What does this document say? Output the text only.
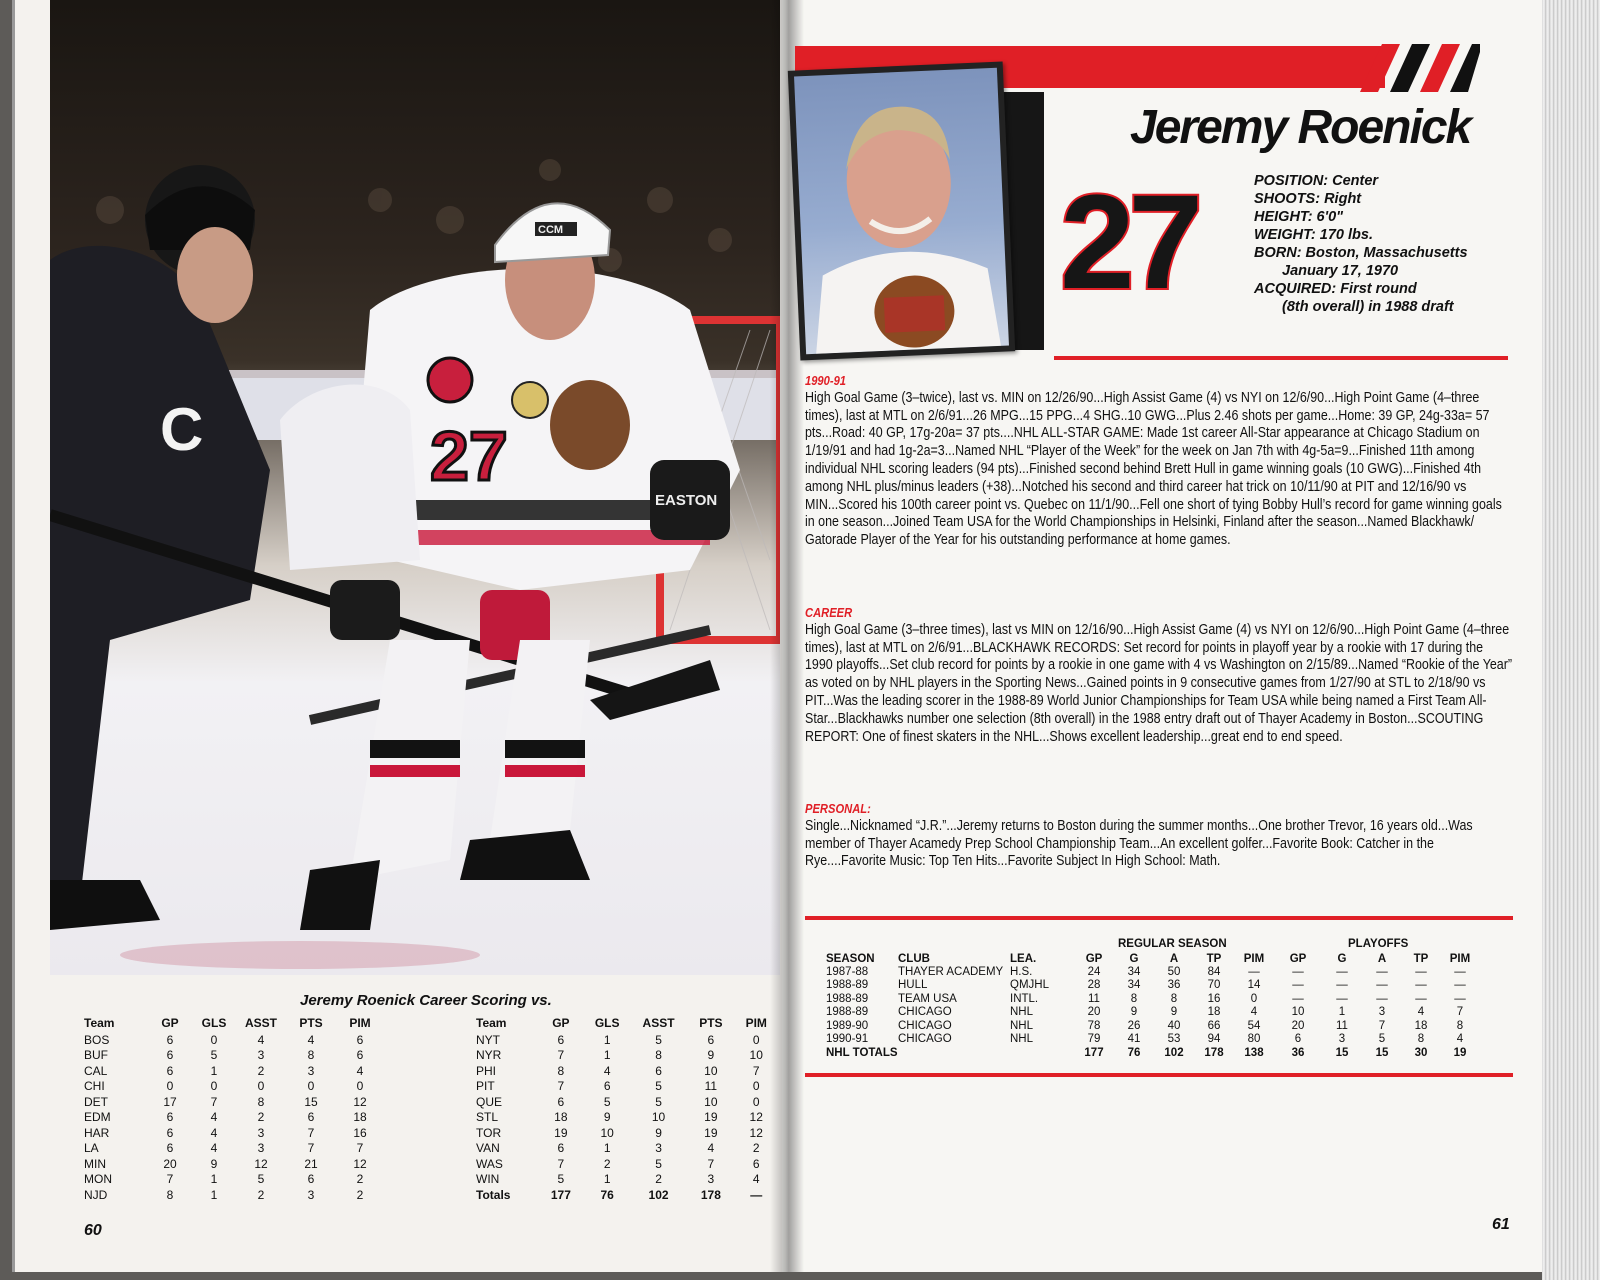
C	27
CCM
EASTON
Jeremy Roenick Career Scoring vs.
Team	GP	GLS	ASST	PTS	PIM
BOS	6	0	4	4	6
BUF	6	5	3	8	6
CAL	6	1	2	3	4
CHI	0	0	0	0	0
DET	17	7	8	15	12
EDM	6	4	2	6	18
HAR	6	4	3	7	16
LA	6	4	3	7	7
MIN	20	9	12	21	12
MON	7	1	5	6	2
NJD	8	1	2	3	2
Team	GP	GLS	ASST	PTS	PIM
NYT	6	1	5	6	0
NYR	7	1	8	9	10
PHI	8	4	6	10	7
PIT	7	6	5	11	0
QUE	6	5	5	10	0
STL	18	9	10	19	12
TOR	19	10	9	19	12
VAN	6	1	3	4	2
WAS	7	2	5	7	6
WIN	5	1	2	3	4
Totals	177	76	102	178	—
60
Jeremy Roenick
27	POSITION: Center
SHOOTS: Right
HEIGHT: 6'0"
WEIGHT: 170 lbs.
BORN: Boston, Massachusetts
January 17, 1970
ACQUIRED: First round
(8th overall) in 1988 draft
1990-91
High Goal Game (3–twice), last vs. MIN on 12/26/90...High Assist Game (4) vs NYI on 12/6/90...High Point Game (4–three times), last at MTL on 2/6/91...26 MPG...15 PPG...4 SHG..10 GWG...Plus 2.46 shots per game...Home: 39 GP, 24g-33a= 57 pts...Road: 40 GP, 17g-20a= 37 pts....NHL ALL-STAR GAME: Made 1st career All-Star appearance at Chicago Stadium on 1/19/91 and had 1g-2a=3...Named NHL “Player of the Week” for the week on Jan 7th with 4g-5a=9...Finished 11th among individual NHL scoring leaders (94 pts)...Finished second behind Brett Hull in game winning goals (10 GWG)...Finished 4th among NHL plus/minus leaders (+38)...Notched his second and third career hat trick on 10/11/90 at PIT and 12/16/90 vs MIN...Scored his 100th career point vs. Quebec on 11/1/90...Fell one short of tying Bobby Hull’s record for game winning goals in one season...Joined Team USA for the World Championships in Helsinki, Finland after the season...Named Blackhawk/ Gatorade Player of the Year for his outstanding performance at home games.
CAREER
High Goal Game (3–three times), last vs MIN on 12/16/90...High Assist Game (4) vs NYI on 12/6/90...High Point Game (4–three times), last at MTL on 2/6/91...BLACKHAWK RECORDS: Set record for points in playoff year by a rookie with 17 during the 1990 playoffs...Set club record for points by a rookie in one game with 4 vs Washington on 2/15/89...Named “Rookie of the Year” as voted on by NHL players in the Sporting News...Gained points in 9 consecutive games from 1/27/90 at STL to 2/18/90 vs PIT...Was the leading scorer in the 1988-89 World Junior Championships for Team USA while being named a First Team All-Star...Blackhawks number one selection (8th overall) in the 1988 entry draft out of Thayer Academy in Boston...SCOUTING REPORT: One of finest skaters in the NHL...Shows excellent leadership...great end to end speed.
PERSONAL:
Single...Nicknamed “J.R.”...Jeremy returns to Boston during the summer months...One brother Trevor, 16 years old...Was member of Thayer Acamedy Prep School Championship Team...An excellent golfer...Favorite Book: Catcher in the Rye....Favorite Music: Top Ten Hits...Favorite Subject In High School: Math.
REGULAR SEASON	PLAYOFFS
SEASON	CLUB	LEA.	GP	G	A	TP	PIM	GP	G	A	TP	PIM
1987-88	THAYER ACADEMY	H.S.	24	34	50	84	—	—	—	—	—	—
1988-89	HULL	QMJHL	28	34	36	70	14	—	—	—	—	—
1988-89	TEAM USA	INTL.	11	8	8	16	0	—	—	—	—	—
1988-89	CHICAGO	NHL	20	9	9	18	4	10	1	3	4	7
1989-90	CHICAGO	NHL	78	26	40	66	54	20	11	7	18	8
1990-91	CHICAGO	NHL	79	41	53	94	80	6	3	5	8	4
NHL TOTALS			177	76	102	178	138	36	15	15	30	19
61
